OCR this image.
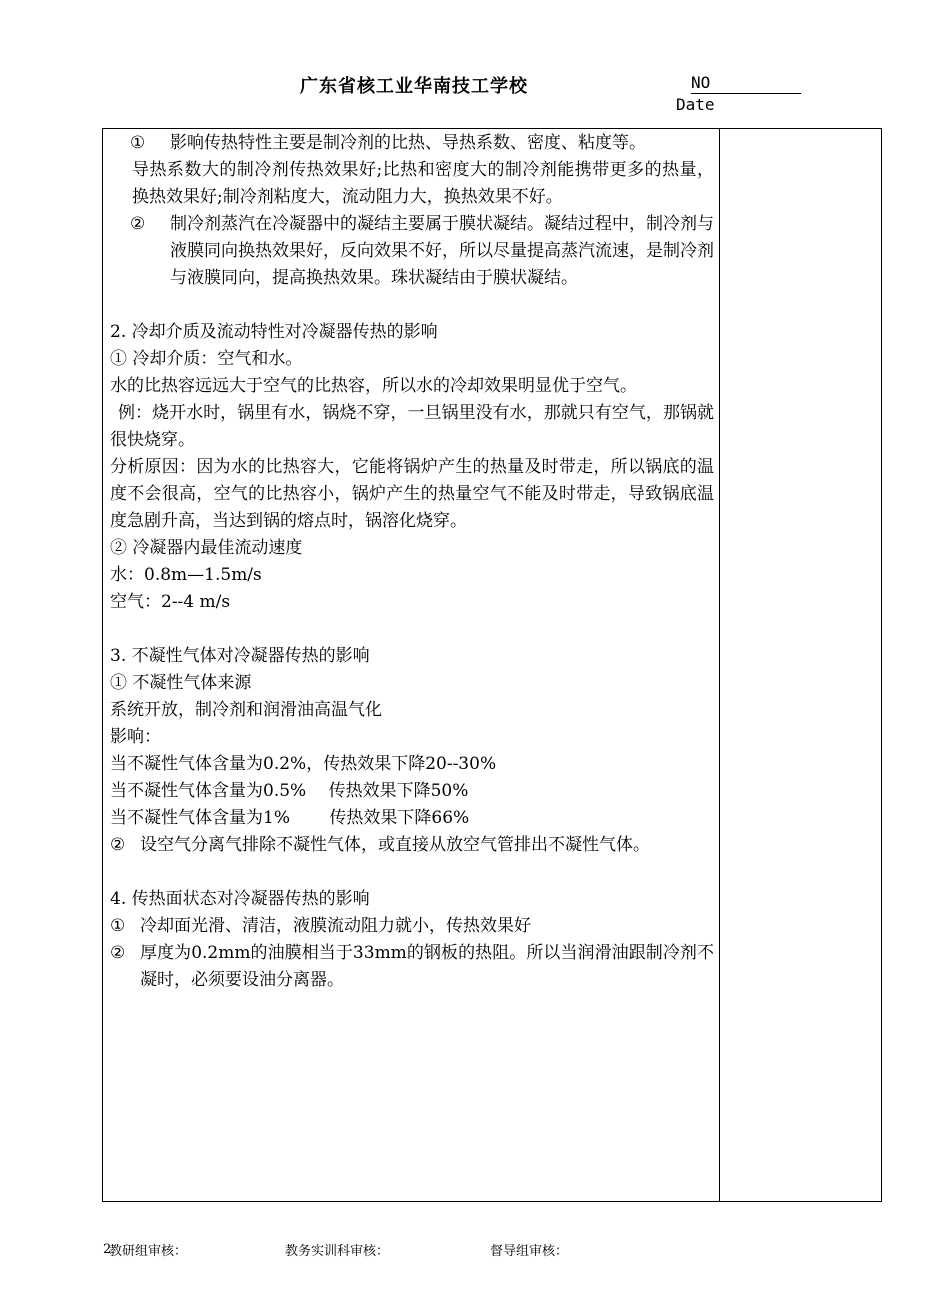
广东省核工业华南技工学校	NO
Date
① 影响传热特性主要是制冷剂的比热、导热系数、密度、粘度等。
导热系数大的制冷剂传热效果好;比热和密度大的制冷剂能携带更多的热量，换热效果好;制冷剂粘度大，流动阻力大，换热效果不好。
② 制冷剂蒸汽在冷凝器中的凝结主要属于膜状凝结。凝结过程中，制冷剂与液膜同向换热效果好，反向效果不好，所以尽量提高蒸汽流速，是制冷剂与液膜同向，提高换热效果。珠状凝结由于膜状凝结。
2. 冷却介质及流动特性对冷凝器传热的影响
① 冷却介质：空气和水。
水的比热容远远大于空气的比热容，所以水的冷却效果明显优于空气。
例：烧开水时，锅里有水，锅烧不穿，一旦锅里没有水，那就只有空气，那锅就很快烧穿。
分析原因：因为水的比热容大，它能将锅炉产生的热量及时带走，所以锅底的温度不会很高，空气的比热容小，锅炉产生的热量空气不能及时带走，导致锅底温度急剧升高，当达到锅的熔点时，锅溶化烧穿。
② 冷凝器内最佳流动速度
水：0.8m—1.5m/s
空气：2--4 m/s
3. 不凝性气体对冷凝器传热的影响
① 不凝性气体来源
系统开放，制冷剂和润滑油高温气化
影响：
当不凝性气体含量为0.2%，传热效果下降20--30%
当不凝性气体含量为0.5%　 传热效果下降50%
当不凝性气体含量为1%　　 传热效果下降66%
② 设空气分离气排除不凝性气体，或直接从放空气管排出不凝性气体。
4. 传热面状态对冷凝器传热的影响
① 冷却面光滑、清洁，液膜流动阻力就小，传热效果好
② 厚度为0.2mm的油膜相当于33mm的钢板的热阻。所以当润滑油跟制冷剂不凝时，必须要设油分离器。
2
教研组审核：	教务实训科审核：	督导组审核：
